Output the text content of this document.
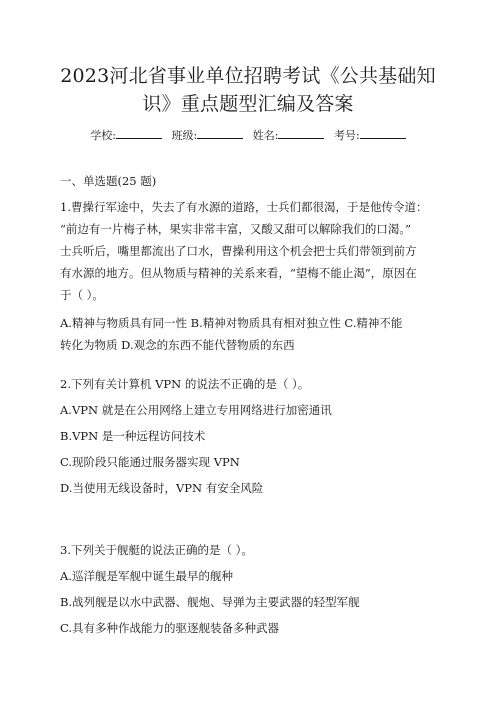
2023河北省事业单位招聘考试《公共基础知
识》重点题型汇编及答案
学校:	班级:	姓名:	考号:
一、单选题(25 题)
1.曹操行军途中，失去了有水源的道路，士兵们都很渴，于是他传令道：
“前边有一片梅子林，果实非常丰富，又酸又甜可以解除我们的口渴。”
士兵听后，嘴里都流出了口水，曹操利用这个机会把士兵们带领到前方
有水源的地方。但从物质与精神的关系来看，“望梅不能止渴”，原因在
于（ ）。
A.精神与物质具有同一性 B.精神对物质具有相对独立性 C.精神不能
转化为物质 D.观念的东西不能代替物质的东西
2.下列有关计算机 VPN 的说法不正确的是（ ）。
A.VPN 就是在公用网络上建立专用网络进行加密通讯
B.VPN 是一种远程访问技术
C.现阶段只能通过服务器实现 VPN
D.当使用无线设备时，VPN 有安全风险
3.下列关于舰艇的说法正确的是（ ）。
A.巡洋舰是军舰中诞生最早的舰种
B.战列舰是以水中武器、舰炮、导弹为主要武器的轻型军舰
C.具有多种作战能力的驱逐舰装备多种武器
